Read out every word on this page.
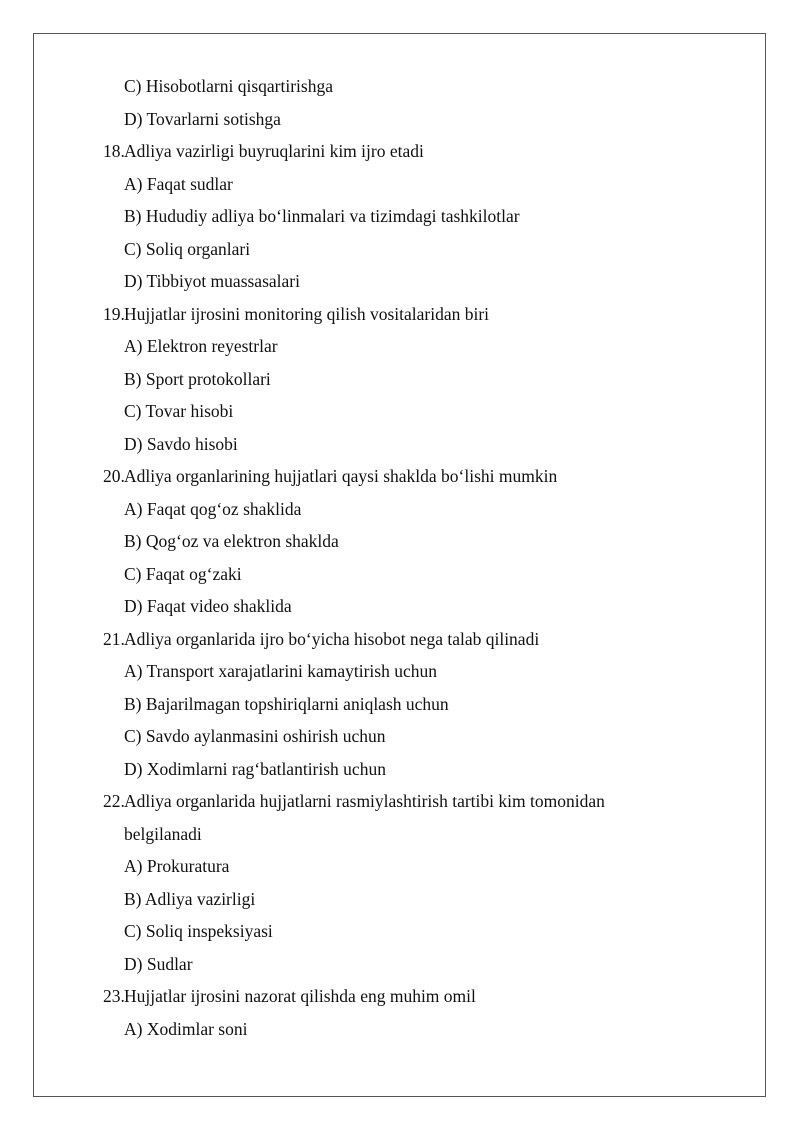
C) Hisobotlarni qisqartirishga
D) Tovarlarni sotishga
18.Adliya vazirligi buyruqlarini kim ijro etadi
A) Faqat sudlar
B) Hududiy adliya bo‘linmalari va tizimdagi tashkilotlar
C) Soliq organlari
D) Tibbiyot muassasalari
19.Hujjatlar ijrosini monitoring qilish vositalaridan biri
A) Elektron reyestrlar
B) Sport protokollari
C) Tovar hisobi
D) Savdo hisobi
20.Adliya organlarining hujjatlari qaysi shaklda bo‘lishi mumkin
A) Faqat qog‘oz shaklida
B) Qog‘oz va elektron shaklda
C) Faqat og‘zaki
D) Faqat video shaklida
21.Adliya organlarida ijro bo‘yicha hisobot nega talab qilinadi
A) Transport xarajatlarini kamaytirish uchun
B) Bajarilmagan topshiriqlarni aniqlash uchun
C) Savdo aylanmasini oshirish uchun
D) Xodimlarni rag‘batlantirish uchun
22.Adliya organlarida hujjatlarni rasmiylashtirish tartibi kim tomonidan
belgilanadi
A) Prokuratura
B) Adliya vazirligi
C) Soliq inspeksiyasi
D) Sudlar
23.Hujjatlar ijrosini nazorat qilishda eng muhim omil
A) Xodimlar soni
